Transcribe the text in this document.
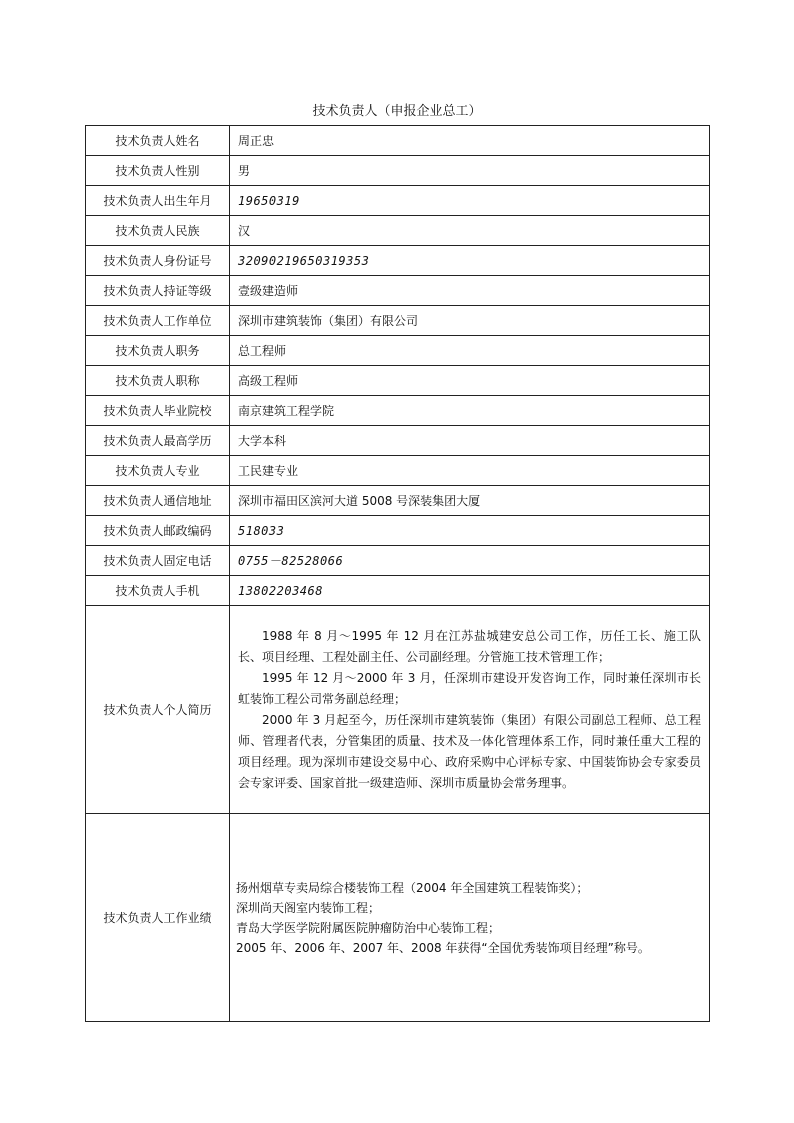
技术负责人（申报企业总工）
技术负责人姓名	周正忠
技术负责人性别	男
技术负责人出生年月	19650319
技术负责人民族	汉
技术负责人身份证号	320902196503193​53
技术负责人持证等级	壹级建造师
技术负责人工作单位	深圳市建筑装饰（集团）有限公司
技术负责人职务	总工程师
技术负责人职称	高级工程师
技术负责人毕业院校	南京建筑工程学院
技术负责人最高学历	大学本科
技术负责人专业	工民建专业
技术负责人通信地址	深圳市福田区滨河大道 5008 号深装集团大厦
技术负责人邮政编码	518033
技术负责人固定电话	0755－82528066
技术负责人手机	13802203468
技术负责人个人简历	1988 年 8 月～1995 年 12 月在江苏盐城建安总公司工作，历任工长、施工队长、项目经理、工程处副主任、公司副经理。分管施工技术管理工作；

1995 年 12 月～2000 年 3 月，任深圳市建设开发咨询工作，同时兼任深圳市长虹装饰工程公司常务副总经理；

2000 年 3 月起至今，历任深圳市建筑装饰（集团）有限公司副总工程师、总工程师、管理者代表，分管集团的质量、技术及一体化管理体系工作，同时兼任重大工程的项目经理。现为深圳市建设交易中心、政府采购中心评标专家、中国装饰协会专家委员会专家评委、国家首批一级建造师、深圳市质量协会常务理事。

技术负责人工作业绩	扬州烟草专卖局综合楼装饰工程（2004 年全国建筑工程装饰奖）；
深圳尚天阁室内装饰工程；
青岛大学医学院附属医院肿瘤防治中心装饰工程；
2005 年、2006 年、2007 年、2008 年获得“全国优秀装饰项目经理”称号。
